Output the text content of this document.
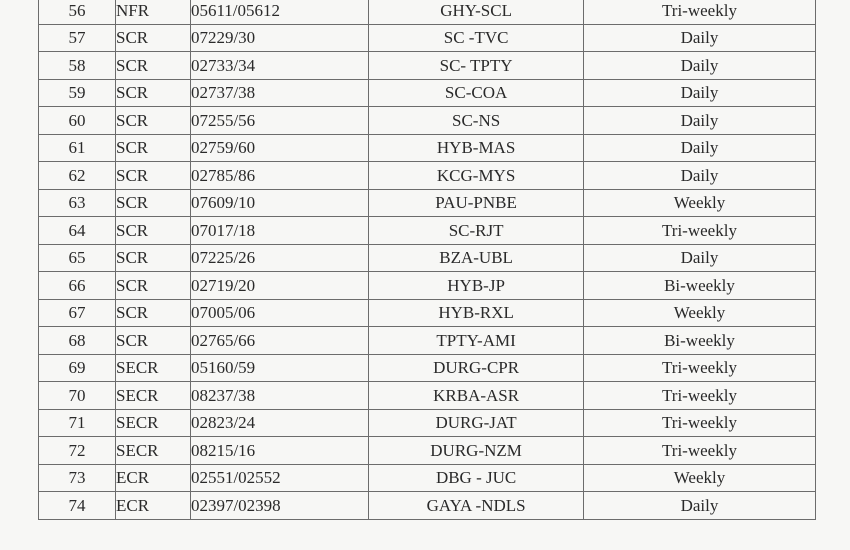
56	NFR	05611/05612	GHY-SCL	Tri-weekly
57	SCR	07229/30	SC -TVC	Daily
58	SCR	02733/34	SC- TPTY	Daily
59	SCR	02737/38	SC-COA	Daily
60	SCR	07255/56	SC-NS	Daily
61	SCR	02759/60	HYB-MAS	Daily
62	SCR	02785/86	KCG-MYS	Daily
63	SCR	07609/10	PAU-PNBE	Weekly
64	SCR	07017/18	SC-RJT	Tri-weekly
65	SCR	07225/26	BZA-UBL	Daily
66	SCR	02719/20	HYB-JP	Bi-weekly
67	SCR	07005/06	HYB-RXL	Weekly
68	SCR	02765/66	TPTY-AMI	Bi-weekly
69	SECR	05160/59	DURG-CPR	Tri-weekly
70	SECR	08237/38	KRBA-ASR	Tri-weekly
71	SECR	02823/24	DURG-JAT	Tri-weekly
72	SECR	08215/16	DURG-NZM	Tri-weekly
73	ECR	02551/02552	DBG - JUC	Weekly
74	ECR	02397/02398	GAYA -NDLS	Daily
